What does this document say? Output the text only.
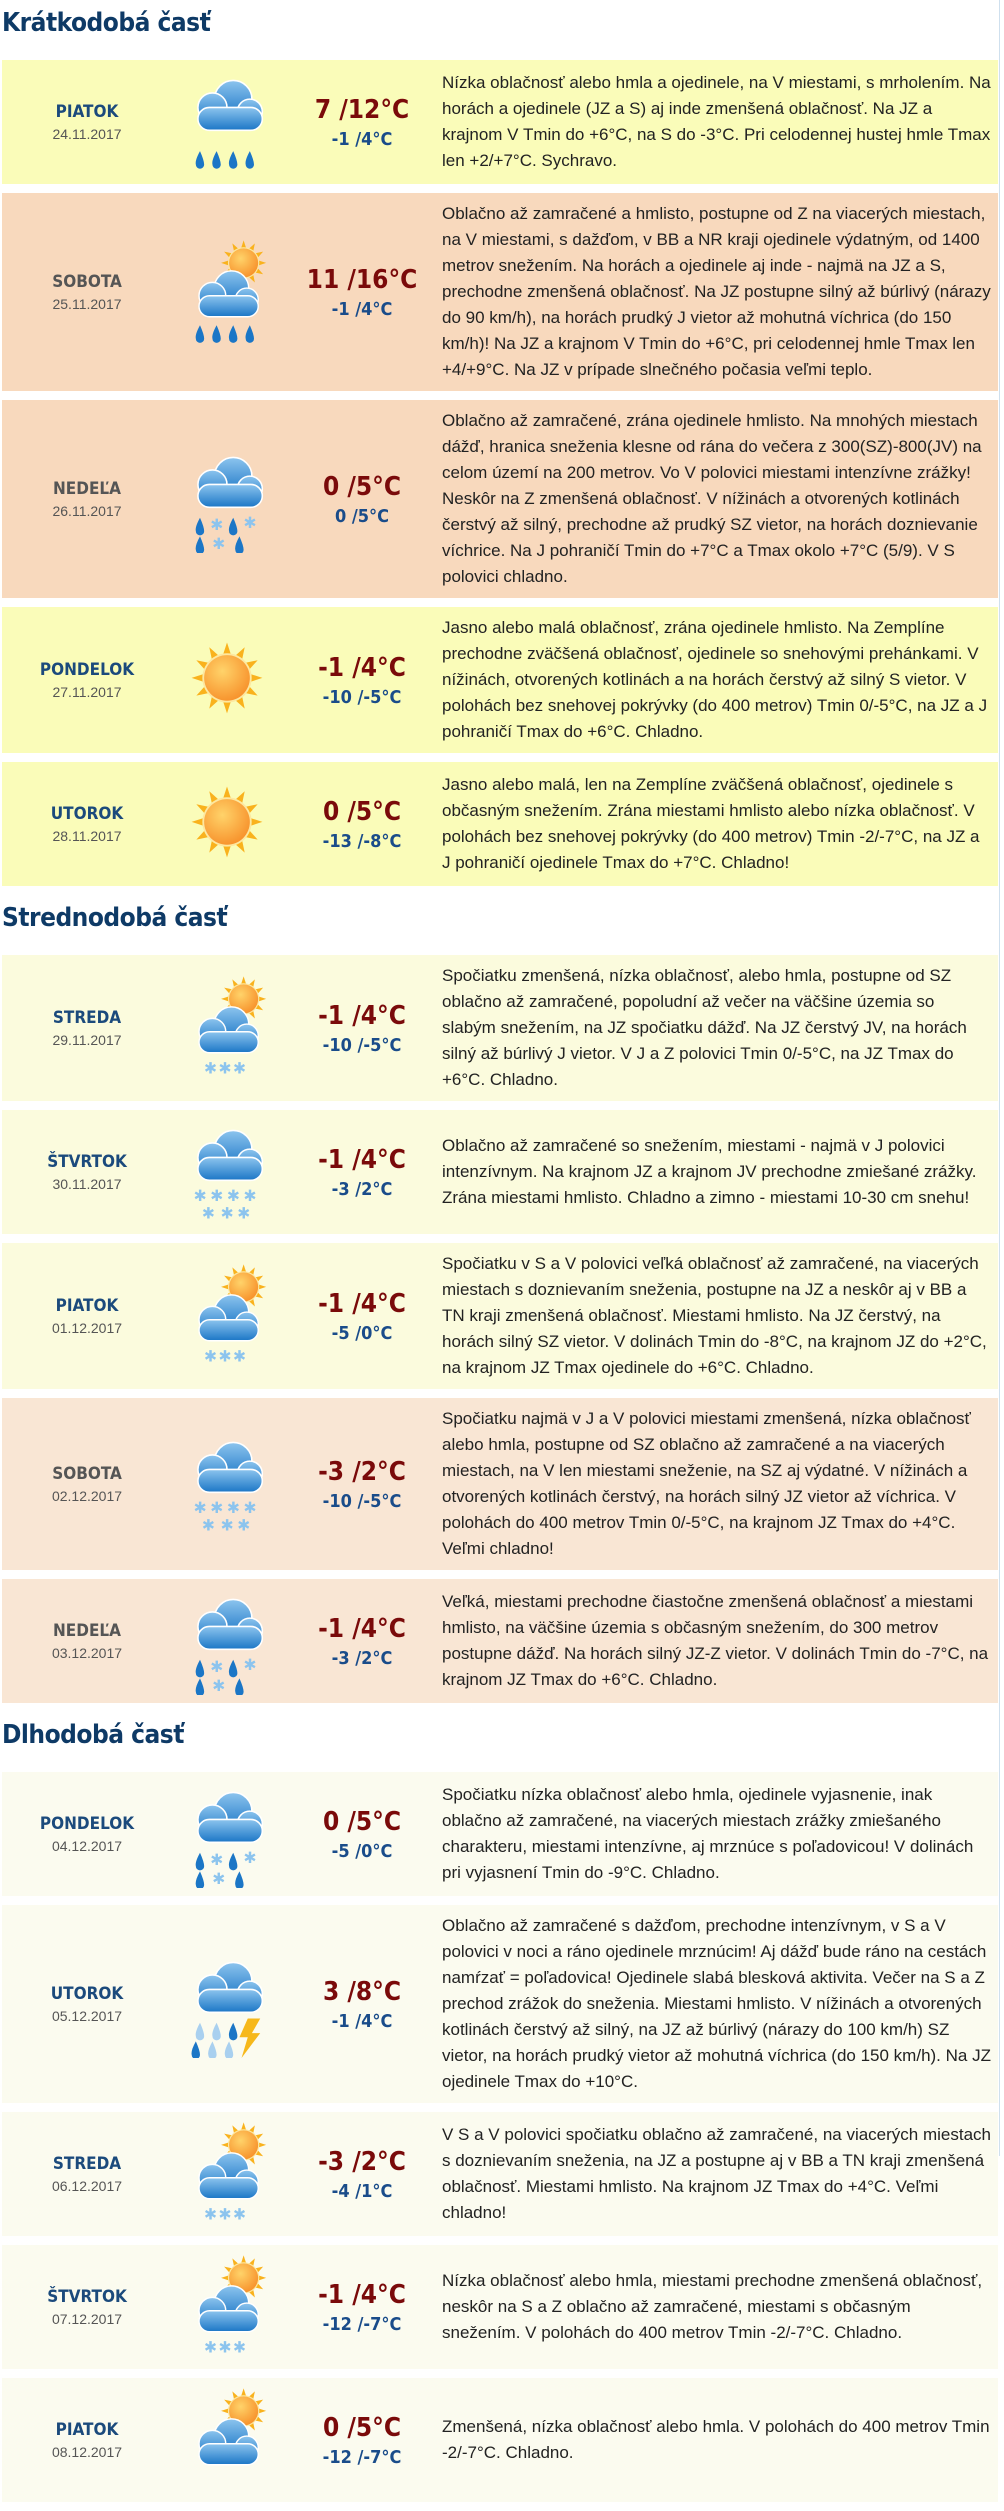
Krátkodobá časť
PIATOK
24.11.2017
7 /12°C
-1 /4°C
Nízka oblačnosť alebo hmla a ojedinele, na V miestami, s mrholením. Na horách a ojedinele (JZ a S) aj inde zmenšená oblačnosť. Na JZ a krajnom V Tmin do +6°C, na S do -3°C. Pri celodennej hustej hmle Tmax len +2/+7°C. Sychravo.
SOBOTA
25.11.2017
11 /16°C
-1 /4°C
Oblačno až zamračené a hmlisto, postupne od Z na viacerých miestach, na V miestami, s dažďom, v BB a NR kraji ojedinele výdatným, od 1400 metrov snežením. Na horách a ojedinele aj inde - najmä na JZ a S, prechodne zmenšená oblačnosť. Na JZ postupne silný až búrlivý (nárazy do 90 km/h), na horách prudký J vietor až mohutná víchrica (do 150 km/h)! Na JZ a krajnom V Tmin do +6°C, pri celodennej hmle Tmax len +4/+9°C. Na JZ v prípade slnečného počasia veľmi teplo.
NEDEĽA
26.11.2017
✱ ✱
✱
0 /5°C
0 /5°C
Oblačno až zamračené, zrána ojedinele hmlisto. Na mnohých miestach dážď, hranica sneženia klesne od rána do večera z 300(SZ)-800(JV) na celom území na 200 metrov. Vo V polovici miestami intenzívne zrážky! Neskôr na Z zmenšená oblačnosť. V nížinách a otvorených kotlinách čerstvý až silný, prechodne až prudký SZ vietor, na horách doznievanie víchrice. Na J pohraničí Tmin do +7°C a Tmax okolo +7°C (5/9). V S polovici chladno.
PONDELOK
27.11.2017
-1 /4°C
-10 /-5°C
Jasno alebo malá oblačnosť, zrána ojedinele hmlisto. Na Zemplíne prechodne zväčšená oblačnosť, ojedinele so snehovými prehánkami. V nížinách, otvorených kotlinách a na horách čerstvý až silný S vietor. V polohách bez snehovej pokrývky (do 400 metrov) Tmin 0/-5°C, na JZ a J pohraničí Tmax do +6°C. Chladno.
UTOROK
28.11.2017
0 /5°C
-13 /-8°C
Jasno alebo malá, len na Zemplíne zväčšená oblačnosť, ojedinele s občasným snežením. Zrána miestami hmlisto alebo nízka oblačnosť. V polohách bez snehovej pokrývky (do 400 metrov) Tmin -2/-7°C, na JZ a J pohraničí ojedinele Tmax do +7°C. Chladno!
Strednodobá časť
STREDA
29.11.2017
✱ ✱ ✱
-1 /4°C
-10 /-5°C
Spočiatku zmenšená, nízka oblačnosť, alebo hmla, postupne od SZ oblačno až zamračené, popoludní až večer na väčšine územia so slabým snežením, na JZ spočiatku dážď. Na JZ čerstvý JV, na horách silný až búrlivý J vietor. V J a Z polovici Tmin 0/-5°C, na JZ Tmax do +6°C. Chladno.
ŠTVRTOK
30.11.2017
✱ ✱ ✱ ✱
✱ ✱ ✱
-1 /4°C
-3 /2°C
Oblačno až zamračené so snežením, miestami - najmä v J polovici intenzívnym. Na krajnom JZ a krajnom JV prechodne zmiešané zrážky. Zrána miestami hmlisto. Chladno a zimno - miestami 10-30 cm snehu!
PIATOK
01.12.2017
✱ ✱ ✱
-1 /4°C
-5 /0°C
Spočiatku v S a V polovici veľká oblačnosť až zamračené, na viacerých miestach s doznievaním sneženia, postupne na JZ a neskôr aj v BB a TN kraji zmenšená oblačnosť. Miestami hmlisto. Na JZ čerstvý, na horách silný SZ vietor. V dolinách Tmin do -8°C, na krajnom JZ do +2°C, na krajnom JZ Tmax ojedinele do +6°C. Chladno.
SOBOTA
02.12.2017
✱ ✱ ✱ ✱
✱ ✱ ✱
-3 /2°C
-10 /-5°C
Spočiatku najmä v J a V polovici miestami zmenšená, nízka oblačnosť alebo hmla, postupne od SZ oblačno až zamračené a na viacerých miestach, na V len miestami sneženie, na SZ aj výdatné. V nížinách a otvorených kotlinách čerstvý, na horách silný JZ vietor až víchrica. V polohách do 400 metrov Tmin 0/-5°C, na krajnom JZ Tmax do +4°C. Veľmi chladno!
NEDEĽA
03.12.2017
✱ ✱
✱
-1 /4°C
-3 /2°C
Veľká, miestami prechodne čiastočne zmenšená oblačnosť a miestami hmlisto, na väčšine územia s občasným snežením, do 300 metrov postupne dážď. Na horách silný JZ-Z vietor. V dolinách Tmin do -7°C, na krajnom JZ Tmax do +6°C. Chladno.
Dlhodobá časť
PONDELOK
04.12.2017
✱ ✱
✱
0 /5°C
-5 /0°C
Spočiatku nízka oblačnosť alebo hmla, ojedinele vyjasnenie, inak oblačno až zamračené, na viacerých miestach zrážky zmiešaného charakteru, miestami intenzívne, aj mrznúce s poľadovicou! V dolinách pri vyjasnení Tmin do -9°C. Chladno.
UTOROK
05.12.2017
3 /8°C
-1 /4°C
Oblačno až zamračené s dažďom, prechodne intenzívnym, v S a V polovici v noci a ráno ojedinele mrznúcim! Aj dážď bude ráno na cestách namŕzať = poľadovica! Ojedinele slabá blesková aktivita. Večer na S a Z prechod zrážok do sneženia. Miestami hmlisto. V nížinách a otvorených kotlinách čerstvý až silný, na JZ až búrlivý (nárazy do 100 km/h) SZ vietor, na horách prudký vietor až mohutná víchrica (do 150 km/h). Na JZ ojedinele Tmax do +10°C.
STREDA
06.12.2017
✱ ✱ ✱
-3 /2°C
-4 /1°C
V S a V polovici spočiatku oblačno až zamračené, na viacerých miestach s doznievaním sneženia, na JZ a postupne aj v BB a TN kraji zmenšená oblačnosť. Miestami hmlisto. Na krajnom JZ Tmax do +4°C. Veľmi chladno!
ŠTVRTOK
07.12.2017
✱ ✱ ✱
-1 /4°C
-12 /-7°C
Nízka oblačnosť alebo hmla, miestami prechodne zmenšená oblačnosť, neskôr na S a Z oblačno až zamračené, miestami s občasným snežením. V polohách do 400 metrov Tmin -2/-7°C. Chladno.
PIATOK
08.12.2017
0 /5°C
-12 /-7°C
Zmenšená, nízka oblačnosť alebo hmla. V polohách do 400 metrov Tmin -2/-7°C. Chladno.
